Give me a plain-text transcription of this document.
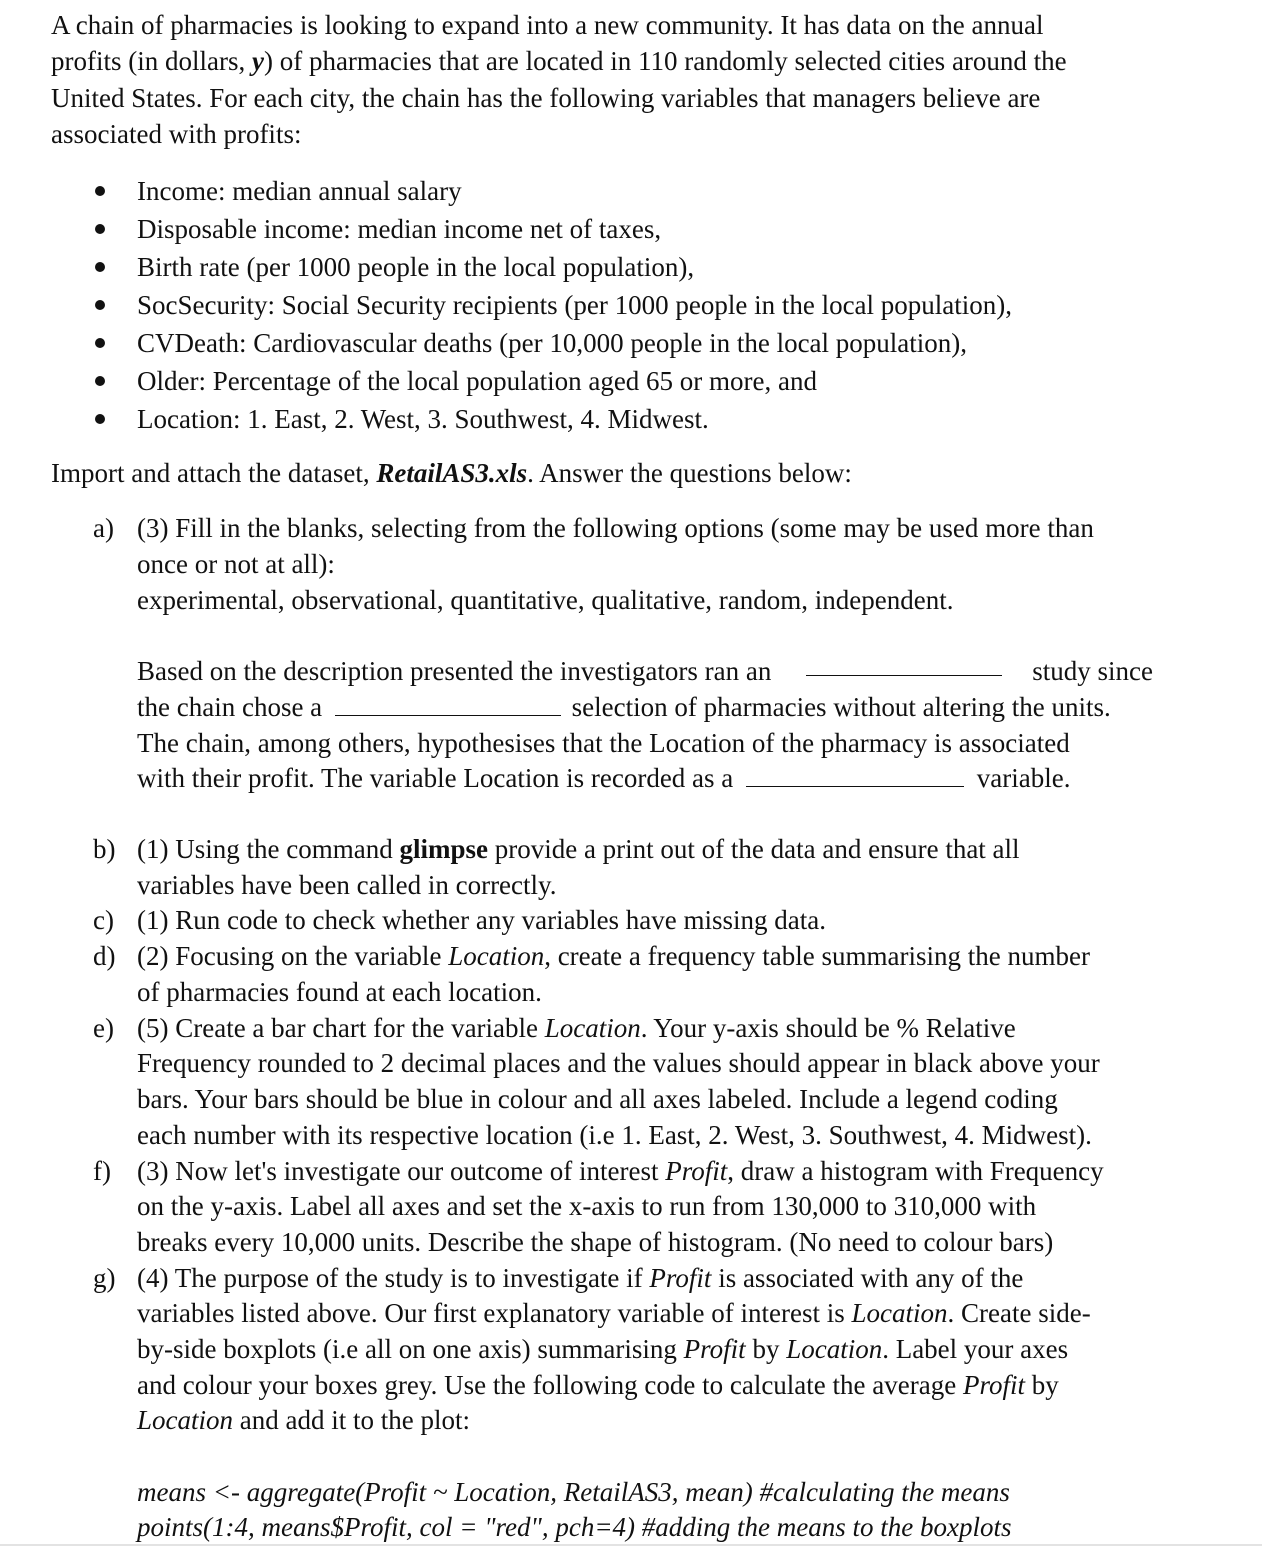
A chain of pharmacies is looking to expand into a new community. It has data on the annual
profits (in dollars, y) of pharmacies that are located in 110 randomly selected cities around the
United States. For each city, the chain has the following variables that managers believe are
associated with profits:
Income: median annual salary
Disposable income: median income net of taxes,
Birth rate (per 1000 people in the local population),
SocSecurity: Social Security recipients (per 1000 people in the local population),
CVDeath: Cardiovascular deaths (per 10,000 people in the local population),
Older: Percentage of the local population aged 65 or more, and
Location: 1. East, 2. West, 3. Southwest, 4. Midwest.
Import and attach the dataset, RetailAS3.xls. Answer the questions below:
a) (3) Fill in the blanks, selecting from the following options (some may be used more than
once or not at all):
experimental, observational, quantitative, qualitative, random, independent.
Based on the description presented the investigators ran an	study since
the chain chose a	selection of pharmacies without altering the units.
The chain, among others, hypothesises that the Location of the pharmacy is associated
with their profit. The variable Location is recorded as a	variable.
b) (1) Using the command glimpse provide a print out of the data and ensure that all
variables have been called in correctly.
c) (1) Run code to check whether any variables have missing data.
d) (2) Focusing on the variable Location, create a frequency table summarising the number
of pharmacies found at each location.
e) (5) Create a bar chart for the variable Location. Your y-axis should be % Relative
Frequency rounded to 2 decimal places and the values should appear in black above your
bars. Your bars should be blue in colour and all axes labeled. Include a legend coding
each number with its respective location (i.e 1. East, 2. West, 3. Southwest, 4. Midwest).
f) (3) Now let's investigate our outcome of interest Profit, draw a histogram with Frequency
on the y-axis. Label all axes and set the x-axis to run from 130,000 to 310,000 with
breaks every 10,000 units. Describe the shape of histogram. (No need to colour bars)
g) (4) The purpose of the study is to investigate if Profit is associated with any of the
variables listed above. Our first explanatory variable of interest is Location. Create side-
by-side boxplots (i.e all on one axis) summarising Profit by Location. Label your axes
and colour your boxes grey. Use the following code to calculate the average Profit by
Location and add it to the plot:
means <- aggregate(Profit ~ Location, RetailAS3, mean) #calculating the means
points(1:4, means$Profit, col = "red", pch=4) #adding the means to the boxplots
